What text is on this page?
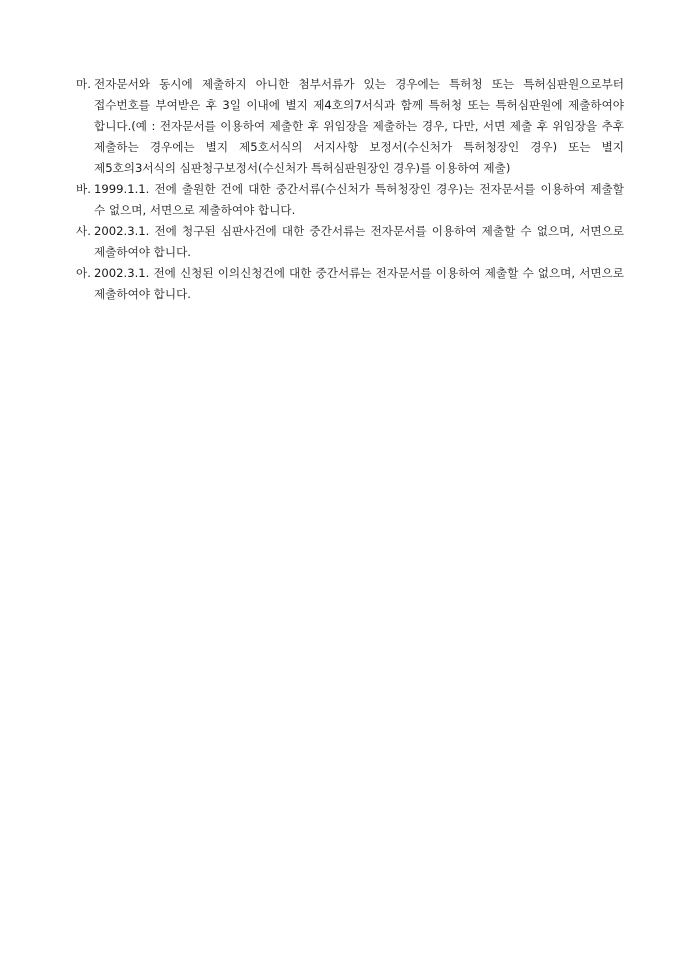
마. 전자문서와 동시에 제출하지 아니한 첨부서류가 있는 경우에는 특허청 또는 특허심판원으로부터 접수번호를 부여받은 후 3일 이내에 별지 제4호의7서식과 함께 특허청 또는 특허심판원에 제출하여야 합니다.(예 : 전자문서를 이용하여 제출한 후 위임장을 제출하는 경우, 다만, 서면 제출 후 위임장을 추후 제출하는 경우에는 별지 제5호서식의 서지사항 보정서(수신처가 특허청장인 경우) 또는 별지 제5호의3서식의 심판청구보정서(수신처가 특허심판원장인 경우)를 이용하여 제출)
바. 1999.1.1. 전에 출원한 건에 대한 중간서류(수신처가 특허청장인 경우)는 전자문서를 이용하여 제출할 수 없으며, 서면으로 제출하여야 합니다.
사. 2002.3.1. 전에 청구된 심판사건에 대한 중간서류는 전자문서를 이용하여 제출할 수 없으며, 서면으로 제출하여야 합니다.
아. 2002.3.1. 전에 신청된 이의신청건에 대한 중간서류는 전자문서를 이용하여 제출할 수 없으며, 서면으로 제출하여야 합니다.
